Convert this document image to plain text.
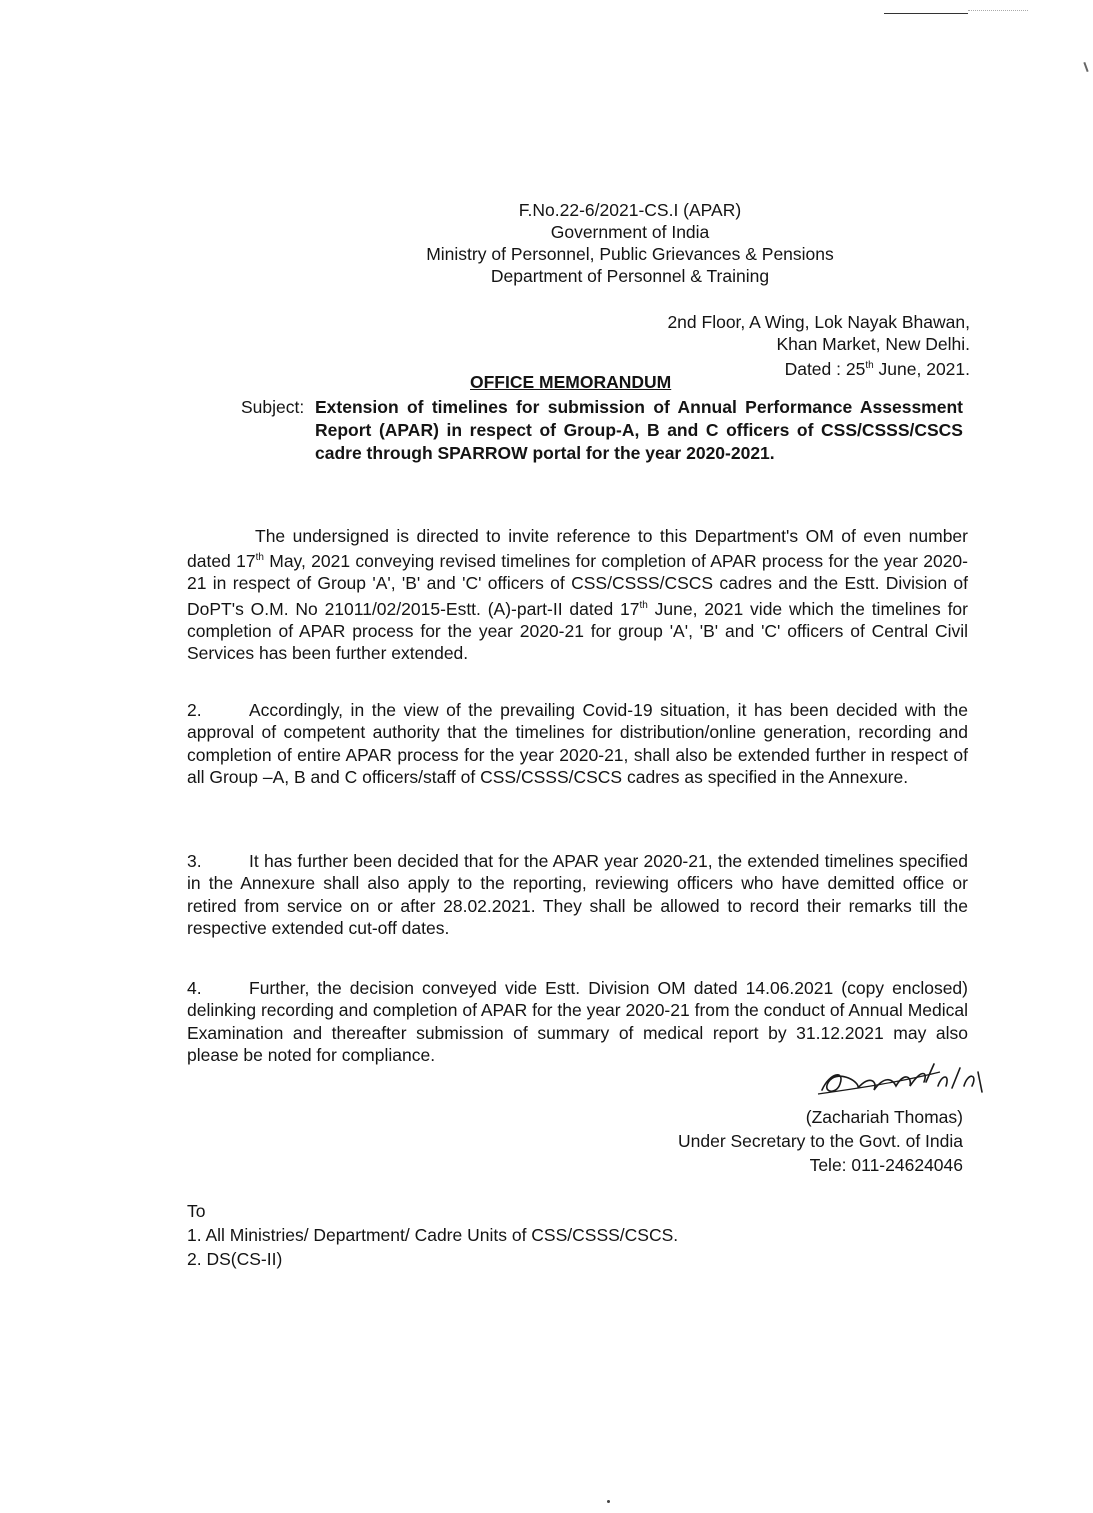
F.No.22-6/2021-CS.I (APAR)
Government of India
Ministry of Personnel, Public Grievances & Pensions
Department of Personnel & Training
2nd Floor, A Wing, Lok Nayak Bhawan,
Khan Market, New Delhi.
Dated : 25th June, 2021.
OFFICE MEMORANDUM
Subject: Extension of timelines for submission of Annual Performance Assessment Report (APAR) in respect of Group-A, B and C officers of CSS/CSSS/CSCS cadre through SPARROW portal for the year 2020-2021.
The undersigned is directed to invite reference to this Department's OM of even number dated 17th May, 2021 conveying revised timelines for completion of APAR process for the year 2020-21 in respect of Group 'A', 'B' and 'C' officers of CSS/CSSS/CSCS cadres and the Estt. Division of DoPT's O.M. No 21011/02/2015-Estt. (A)-part-II dated 17th June, 2021 vide which the timelines for completion of APAR process for the year 2020-21 for group 'A', 'B' and 'C' officers of Central Civil Services has been further extended.
2.	Accordingly, in the view of the prevailing Covid-19 situation, it has been decided with the approval of competent authority that the timelines for distribution/online generation, recording and completion of entire APAR process for the year 2020-21, shall also be extended further in respect of all Group –A, B and C officers/staff of CSS/CSSS/CSCS cadres as specified in the Annexure.
3.	It has further been decided that for the APAR year 2020-21, the extended timelines specified in the Annexure shall also apply to the reporting, reviewing officers who have demitted office or retired from service on or after 28.02.2021. They shall be allowed to record their remarks till the respective extended cut-off dates.
4.	Further, the decision conveyed vide Estt. Division OM dated 14.06.2021 (copy enclosed) delinking recording and completion of APAR for the year 2020-21 from the conduct of Annual Medical Examination and thereafter submission of summary of medical report by 31.12.2021 may also please be noted for compliance.
(Zachariah Thomas)
Under Secretary to the Govt. of India
Tele: 011-24624046
To
1. All Ministries/ Department/ Cadre Units of CSS/CSSS/CSCS.
2. DS(CS-II)
